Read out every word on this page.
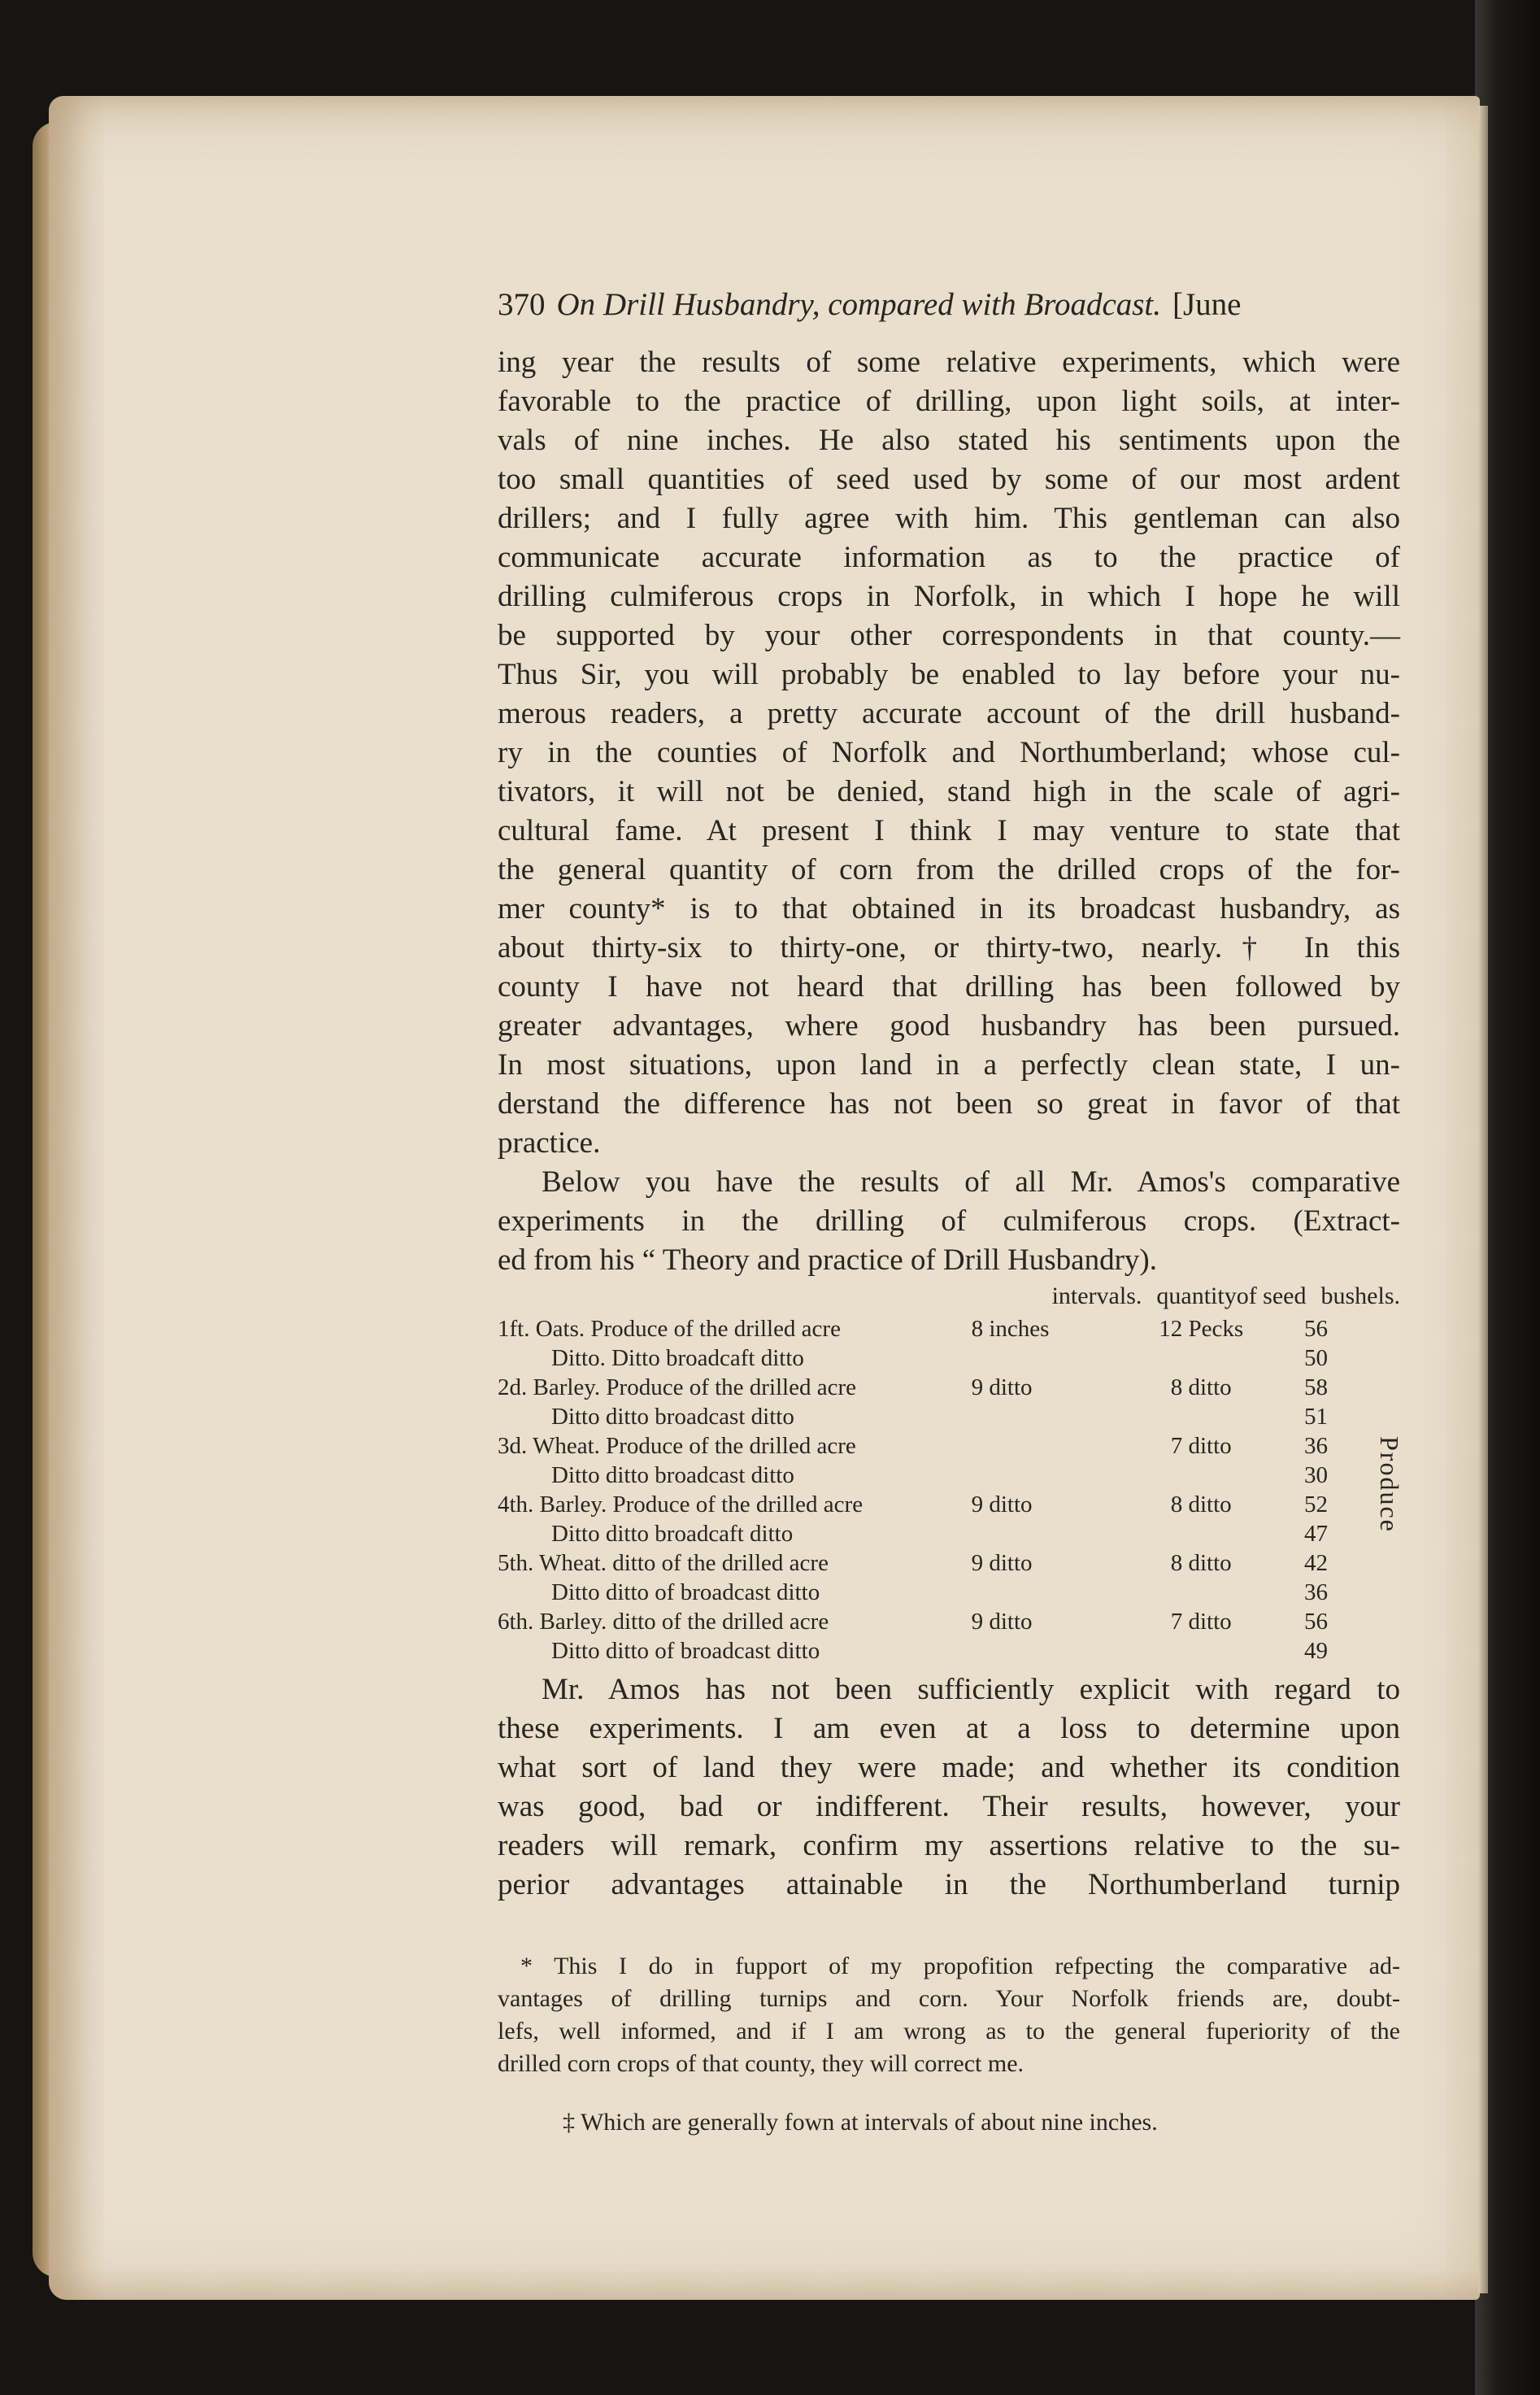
370 On Drill Husbandry, compared with Broadcast. [June

ing year the results of some relative experiments, which were

favorable to the practice of drilling, upon light soils, at inter-

vals of nine inches. He also stated his sentiments upon the

too small quantities of seed used by some of our most ardent

drillers; and I fully agree with him. This gentleman can also

communicate accurate information as to the practice of

drilling culmiferous crops in Norfolk, in which I hope he will

be supported by your other correspondents in that county.—

Thus Sir, you will probably be enabled to lay before your nu-

merous readers, a pretty accurate account of the drill husband-

ry in the counties of Norfolk and Northumberland; whose cul-

tivators, it will not be denied, stand high in the scale of agri-

cultural fame. At present I think I may venture to state that

the general quantity of corn from the drilled crops of the for-

mer county* is to that obtained in its broadcast husbandry, as

about thirty-six to thirty-one, or thirty-two, nearly.† In this

county I have not heard that drilling has been followed by

greater advantages, where good husbandry has been pursued.

In most situations, upon land in a perfectly clean state, I un-

derstand the difference has not been so great in favor of that

practice.

Below you have the results of all Mr. Amos's comparative

experiments in the drilling of culmiferous crops. (Extract-

ed from his “ Theory and practice of Drill Husbandry).

intervals. quantityof seed bushels.
1ft. Oats. Produce of the drilled acre	8 inches	12 Pecks	56
Ditto. Ditto broadcaft ditto			50
2d. Barley. Produce of the drilled acre	9 ditto	8 ditto	58
Ditto ditto broadcast ditto			51
3d. Wheat. Produce of the drilled acre		7 ditto	36
Ditto ditto broadcast ditto			30
4th. Barley. Produce of the drilled acre	9 ditto	8 ditto	52
Ditto ditto broadcaft ditto			47
5th. Wheat. ditto of the drilled acre	9 ditto	8 ditto	42
Ditto ditto of broadcast ditto			36
6th. Barley. ditto of the drilled acre	9 ditto	7 ditto	56
Ditto ditto of broadcast ditto			49
Produce

Mr. Amos has not been sufficiently explicit with regard to

these experiments. I am even at a loss to determine upon

what sort of land they were made; and whether its condition

was good, bad or indifferent. Their results, however, your

readers will remark, confirm my assertions relative to the su-

perior advantages attainable in the Northumberland turnip

* This I do in fupport of my propofition refpecting the comparative ad-

vantages of drilling turnips and corn. Your Norfolk friends are, doubt-

lefs, well informed, and if I am wrong as to the general fuperiority of the

drilled corn crops of that county, they will correct me.

‡ Which are generally fown at intervals of about nine inches.
